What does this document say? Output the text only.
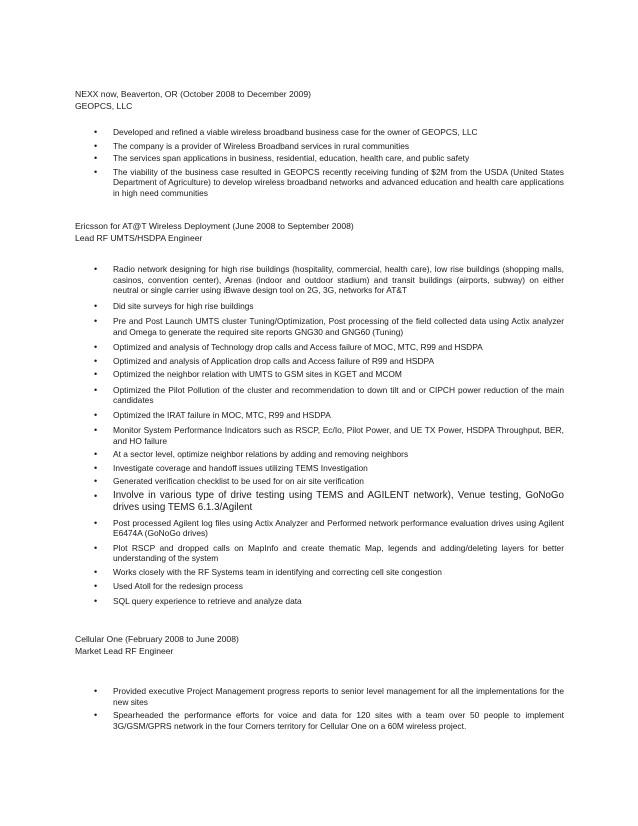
NEXX now, Beaverton, OR (October 2008 to December 2009)
GEOPCS, LLC
• Developed and refined a viable wireless broadband business case for the owner of GEOPCS, LLC
• The company is a provider of Wireless Broadband services in rural communities
• The services span applications in business, residential, education, health care, and public safety
• The viability of the business case resulted in GEOPCS recently receiving funding of $2M from the USDA (United States Department of Agriculture) to develop wireless broadband networks and advanced education and health care applications in high need communities
Ericsson for AT@T Wireless Deployment (June 2008 to September 2008)
Lead RF UMTS/HSDPA Engineer
• Radio network designing for high rise buildings (hospitality, commercial, health care), low rise buildings (shopping malls, casinos, convention center), Arenas (indoor and outdoor stadium) and transit buildings (airports, subway) on either neutral or single carrier using iBwave design tool on 2G, 3G, networks for AT&T
• Did site surveys for high rise buildings
• Pre and Post Launch UMTS cluster Tuning/Optimization, Post processing of the field collected data using Actix analyzer and Omega to generate the required site reports GNG30 and GNG60 (Tuning)
• Optimized and analysis of Technology drop calls and Access failure of MOC, MTC, R99 and HSDPA
• Optimized and analysis of Application drop calls and Access failure of R99 and HSDPA
• Optimized the neighbor relation with UMTS to GSM sites in KGET and MCOM
• Optimized the Pilot Pollution of the cluster and recommendation to down tilt and or CIPCH power reduction of the main candidates
• Optimized the IRAT failure in MOC, MTC, R99 and HSDPA
• Monitor System Performance Indicators such as RSCP, Ec/Io, Pilot Power, and UE TX Power, HSDPA Throughput, BER, and HO failure
• At a sector level, optimize neighbor relations by adding and removing neighbors
• Investigate coverage and handoff issues utilizing TEMS Investigation
• Generated verification checklist to be used for on air site verification
• Involve in various type of drive testing using TEMS and AGILENT network), Venue testing, GoNoGo drives using TEMS 6.1.3/Agilent
• Post processed Agilent log files using Actix Analyzer and Performed network performance evaluation drives using Agilent E6474A (GoNoGo drives)
• Plot RSCP and dropped calls on MapInfo and create thematic Map, legends and adding/deleting layers for better understanding of the system
• Works closely with the RF Systems team in identifying and correcting cell site congestion
• Used Atoll for the redesign process
• SQL query experience to retrieve and analyze data
Cellular One (February 2008 to June 2008)
Market Lead RF Engineer
• Provided executive Project Management progress reports to senior level management for all the implementations for the new sites
• Spearheaded the performance efforts for voice and data for 120 sites with a team over 50 people to implement 3G/GSM/GPRS network in the four Corners territory for Cellular One on a 60M wireless project.
